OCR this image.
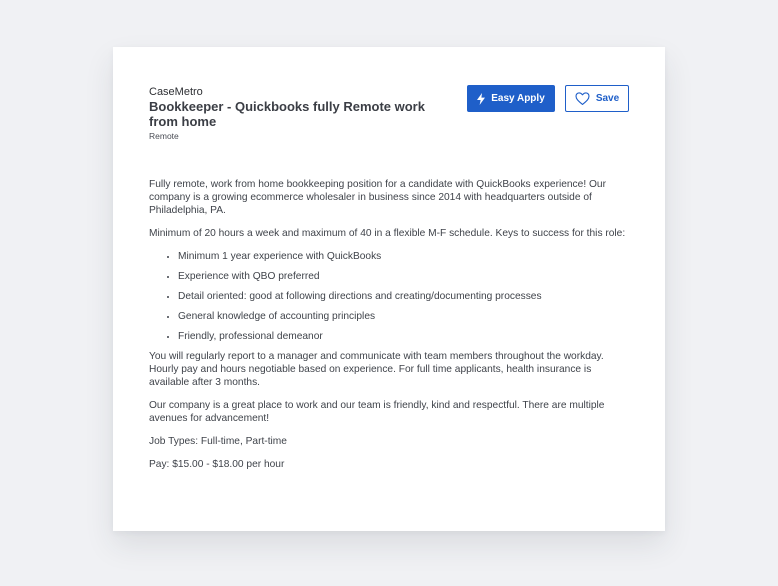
CaseMetro
Bookkeeper - Quickbooks fully Remote work from home
Remote
Easy Apply	Save

Fully remote, work from home bookkeeping position for a candidate with QuickBooks experience! Our company is a growing ecommerce wholesaler in business since 2014 with headquarters outside of Philadelphia, PA.

Minimum of 20 hours a week and maximum of 40 in a flexible M-F schedule. Keys to success for this role:

• Minimum 1 year experience with QuickBooks
• Experience with QBO preferred
• Detail oriented: good at following directions and creating/documenting processes
• General knowledge of accounting principles
• Friendly, professional demeanor

You will regularly report to a manager and communicate with team members throughout the workday. Hourly pay and hours negotiable based on experience. For full time applicants, health insurance is available after 3 months.

Our company is a great place to work and our team is friendly, kind and respectful. There are multiple avenues for advancement!

Job Types: Full-time, Part-time

Pay: $15.00 - $18.00 per hour
